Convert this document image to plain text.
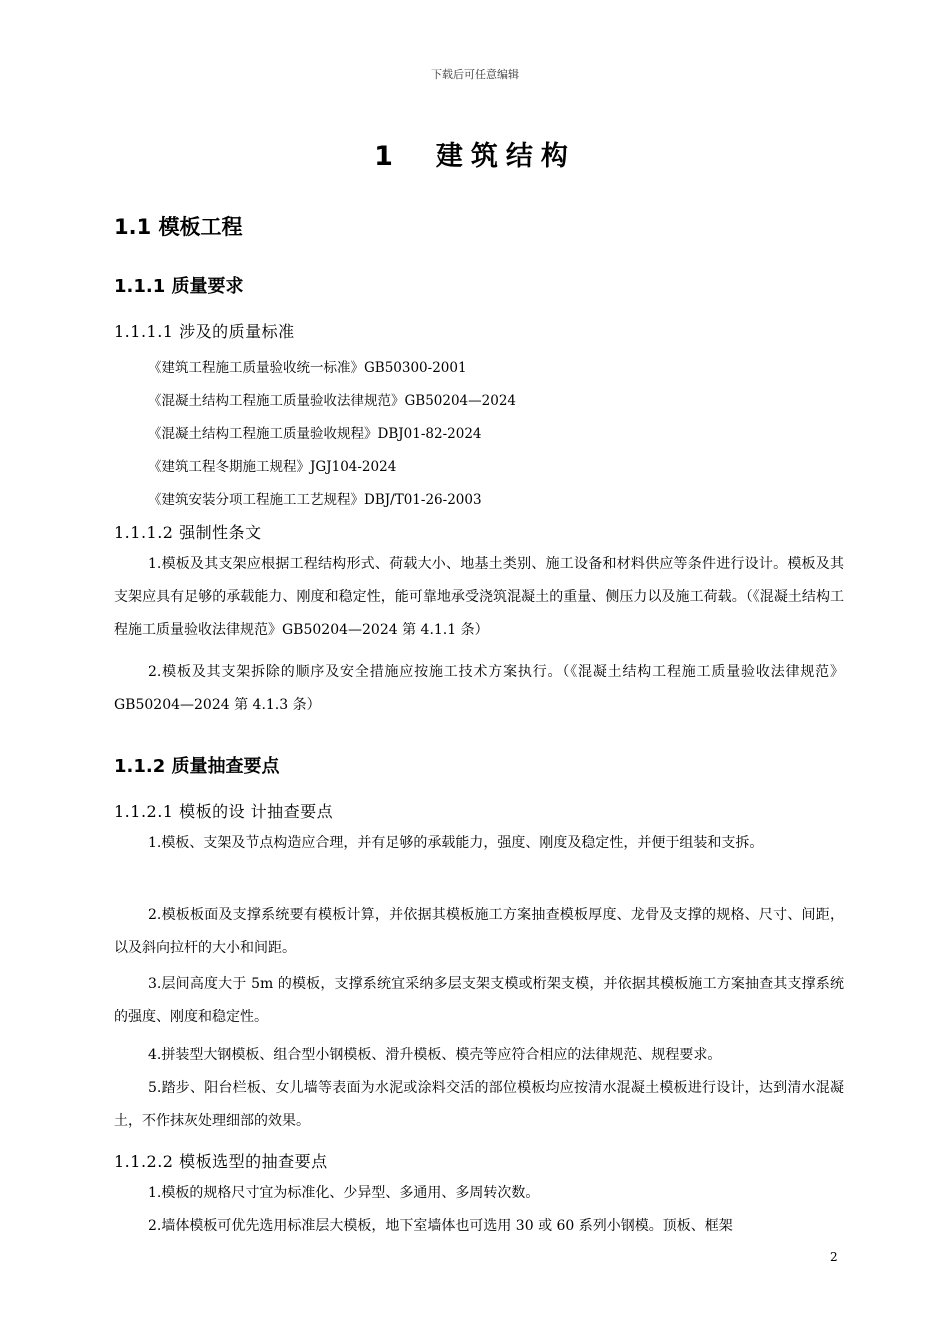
下载后可任意编辑
1　建筑结构
1.1 模板工程
1.1.1 质量要求
1.1.1.1 涉及的质量标准
《建筑工程施工质量验收统一标准》GB50300-2001
《混凝土结构工程施工质量验收法律规范》GB50204—2024
《混凝土结构工程施工质量验收规程》DBJ01-82-2024
《建筑工程冬期施工规程》JGJ104-2024
《建筑安装分项工程施工工艺规程》DBJ/T01-26-2003
1.1.1.2 强制性条文
1.模板及其支架应根据工程结构形式、荷载大小、地基土类别、施工设备和材料供应等条件进行设计。模板及其支架应具有足够的承载能力、刚度和稳定性，能可靠地承受浇筑混凝土的重量、侧压力以及施工荷载。（《混凝土结构工程施工质量验收法律规范》GB50204—2024 第 4.1.1 条）
2.模板及其支架拆除的顺序及安全措施应按施工技术方案执行。（《混凝土结构工程施工质量验收法律规范》GB50204—2024 第 4.1.3 条）
1.1.2 质量抽查要点
1.1.2.1 模板的设 计抽查要点
1.模板、支架及节点构造应合理，并有足够的承载能力，强度、刚度及稳定性，并便于组装和支拆。
2.模板板面及支撑系统要有模板计算，并依据其模板施工方案抽查模板厚度、龙骨及支撑的规格、尺寸、间距，以及斜向拉杆的大小和间距。
3.层间高度大于 5m 的模板，支撑系统宜采纳多层支架支模或桁架支模，并依据其模板施工方案抽查其支撑系统的强度、刚度和稳定性。
4.拼装型大钢模板、组合型小钢模板、滑升模板、模壳等应符合相应的法律规范、规程要求。
5.踏步、阳台栏板、女儿墙等表面为水泥或涂料交活的部位模板均应按清水混凝土模板进行设计，达到清水混凝土，不作抹灰处理细部的效果。
1.1.2.2 模板选型的抽查要点
1.模板的规格尺寸宜为标准化、少异型、多通用、多周转次数。
2.墙体模板可优先选用标准层大模板，地下室墙体也可选用 30 或 60 系列小钢模。顶板、框架
2
